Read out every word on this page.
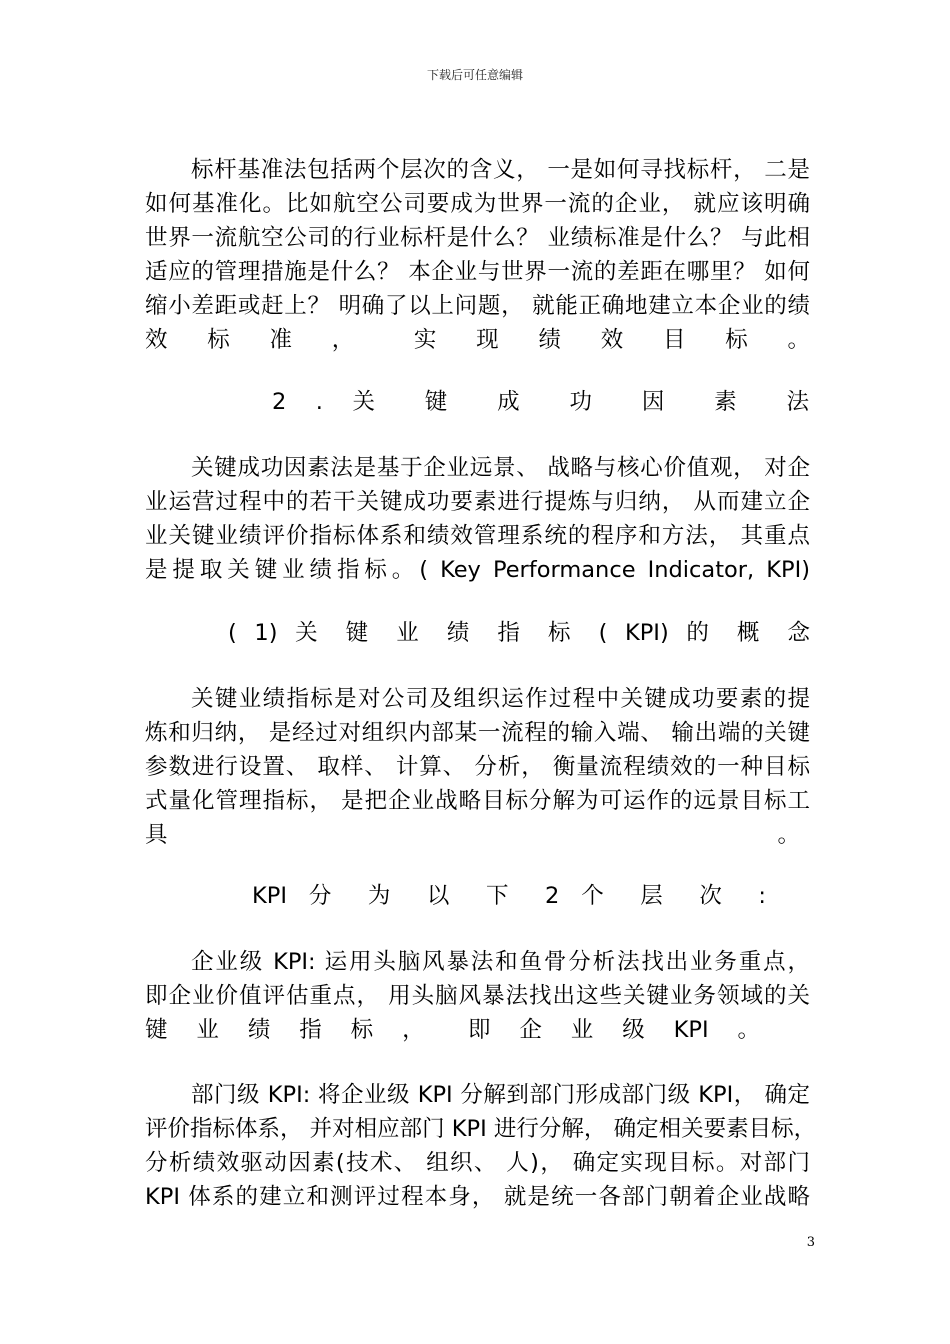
下载后可任意编辑
标杆基准法包括两个层次的含义， 一是如何寻找标杆， 二是
如何基准化。比如航空公司要成为世界一流的企业， 就应该明确
世界一流航空公司的行业标杆是什么？ 业绩标准是什么？ 与此相
适应的管理措施是什么？ 本企业与世界一流的差距在哪里？ 如何
缩小差距或赶上？ 明确了以上问题， 就能正确地建立本企业的绩
效　标　准　，　　实　现　绩　效　目　标　。
2 . 关 键 成 功 因 素 法
关键成功因素法是基于企业远景、 战略与核心价值观， 对企
业运营过程中的若干关键成功要素进行提炼与归纳， 从而建立企
业关键业绩评价指标体系和绩效管理系统的程序和方法， 其重点
是提取关键业绩指标。( Key Performance Indicator, KPI)
( 1) 关 键 业 绩 指 标 ( KPI) 的 概 念
关键业绩指标是对公司及组织运作过程中关键成功要素的提
炼和归纳， 是经过对组织内部某一流程的输入端、 输出端的关键
参数进行设置、 取样、 计算、 分析， 衡量流程绩效的一种目标
式量化管理指标， 是把企业战略目标分解为可运作的远景目标工
具	。
KPI 分 为 以 下 2 个 层 次 :
企业级 KPI: 运用头脑风暴法和鱼骨分析法找出业务重点，
即企业价值评估重点， 用头脑风暴法找出这些关键业务领域的关
键　业　绩　指　标　，　　即　企　业　级　KPI　。
部门级 KPI: 将企业级 KPI 分解到部门形成部门级 KPI， 确定
评价指标体系， 并对相应部门 KPI 进行分解， 确定相关要素目标，
分析绩效驱动因素(技术、 组织、 人)， 确定实现目标。对部门
KPI 体系的建立和测评过程本身， 就是统一各部门朝着企业战略
3
